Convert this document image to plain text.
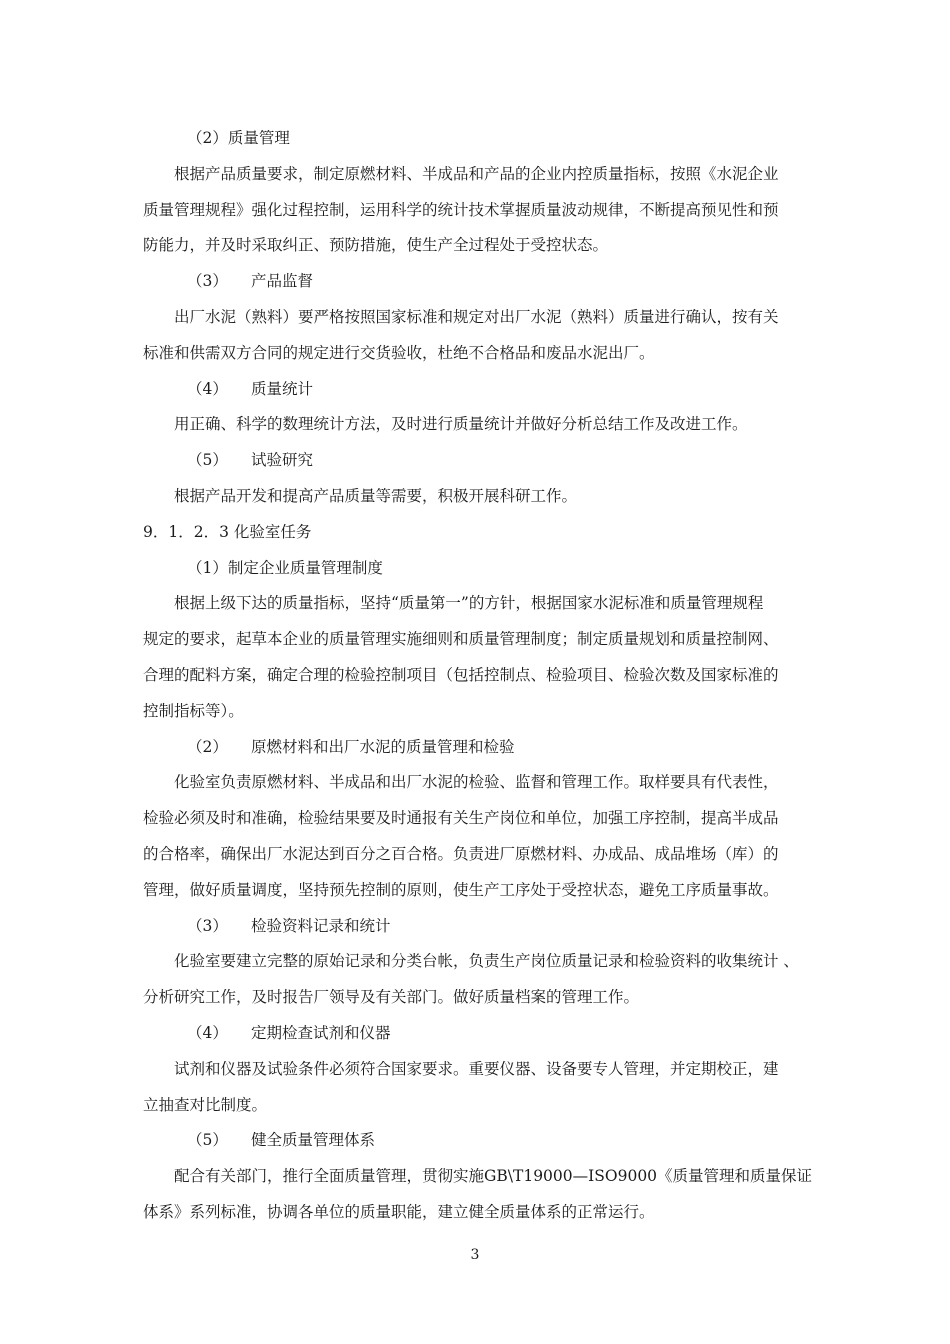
（2）质量管理
根据产品质量要求，制定原燃材料、半成品和产品的企业内控质量指标，按照《水泥企业
质量管理规程》强化过程控制，运用科学的统计技术掌握质量波动规律，不断提高预见性和预
防能力，并及时采取纠正、预防措施，使生产全过程处于受控状态。
（3） 产品监督
出厂水泥（熟料）要严格按照国家标准和规定对出厂水泥（熟料）质量进行确认，按有关
标准和供需双方合同的规定进行交货验收，杜绝不合格品和废品水泥出厂。
（4） 质量统计
用正确、科学的数理统计方法，及时进行质量统计并做好分析总结工作及改进工作。
（5） 试验研究
根据产品开发和提高产品质量等需要，积极开展科研工作。
9．1．2．3 化验室任务
（1）制定企业质量管理制度
根据上级下达的质量指标，坚持“质量第一”的方针，根据国家水泥标准和质量管理规程
规定的要求，起草本企业的质量管理实施细则和质量管理制度；制定质量规划和质量控制网、
合理的配料方案，确定合理的检验控制项目（包括控制点、检验项目、检验次数及国家标准的
控制指标等）。
（2） 原燃材料和出厂水泥的质量管理和检验
化验室负责原燃材料、半成品和出厂水泥的检验、监督和管理工作。取样要具有代表性，
检验必须及时和准确，检验结果要及时通报有关生产岗位和单位，加强工序控制，提高半成品
的合格率，确保出厂水泥达到百分之百合格。负责进厂原燃材料、办成品、成品堆场（库）的
管理，做好质量调度，坚持预先控制的原则，使生产工序处于受控状态，避免工序质量事故。
（3） 检验资料记录和统计
化验室要建立完整的原始记录和分类台帐，负责生产岗位质量记录和检验资料的收集统计 、
分析研究工作，及时报告厂领导及有关部门。做好质量档案的管理工作。
（4） 定期检查试剂和仪器
试剂和仪器及试验条件必须符合国家要求。重要仪器、设备要专人管理，并定期校正，建
立抽查对比制度。
（5） 健全质量管理体系
配合有关部门，推行全面质量管理，贯彻实施GB\T19000—ISO9000《质量管理和质量保证
体系》系列标准，协调各单位的质量职能，建立健全质量体系的正常运行。
3
